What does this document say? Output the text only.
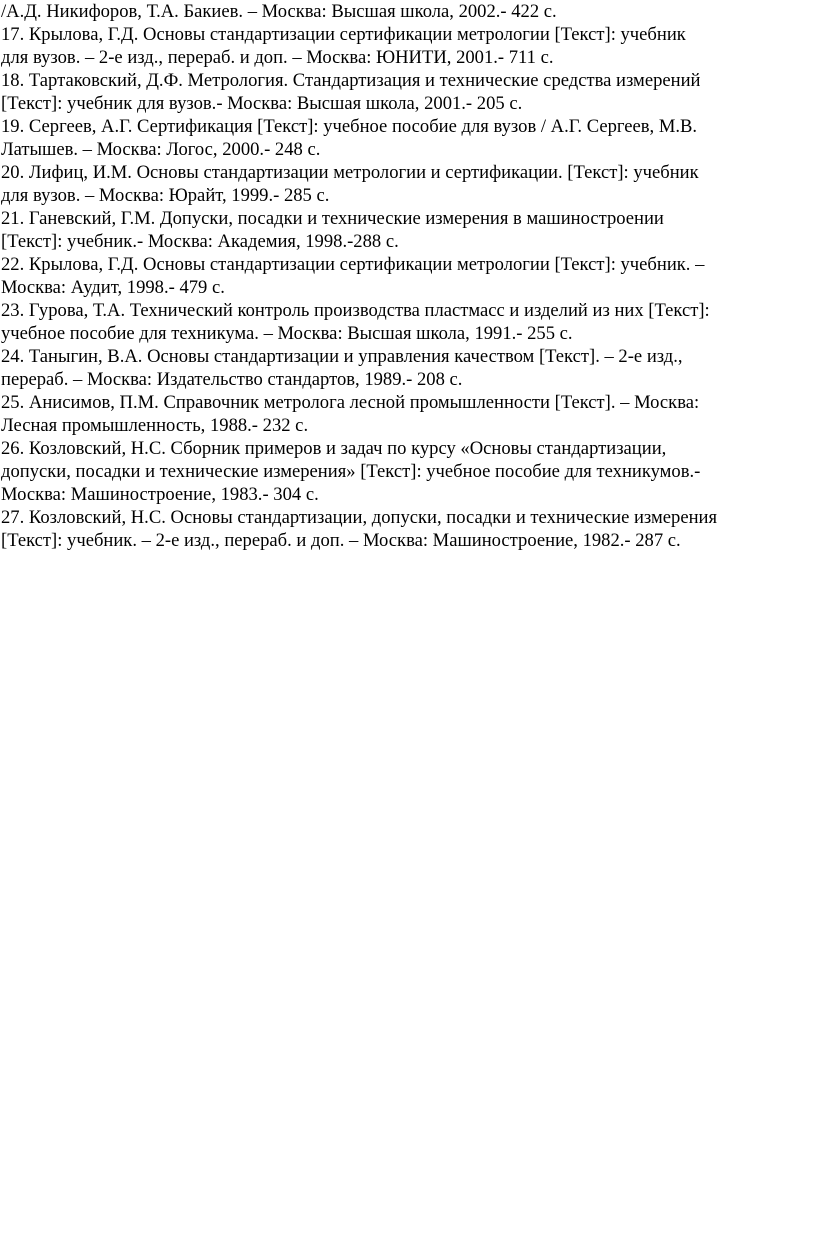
/А.Д. Никифоров, Т.А. Бакиев. – Москва: Высшая школа, 2002.- 422 с.
17. Крылова, Г.Д. Основы стандартизации сертификации метрологии [Текст]: учебник
для вузов. – 2-е изд., перераб. и доп. – Москва: ЮНИТИ, 2001.- 711 с.
18. Тартаковский, Д.Ф. Метрология. Стандартизация и технические средства измерений
[Текст]: учебник для вузов.- Москва: Высшая школа, 2001.- 205 с.
19. Сергеев, А.Г. Сертификация [Текст]: учебное пособие для вузов / А.Г. Сергеев, М.В.
Латышев. – Москва: Логос, 2000.- 248 с.
20. Лифиц, И.М. Основы стандартизации метрологии и сертификации. [Текст]: учебник
для вузов. – Москва: Юрайт, 1999.- 285 с.
21. Ганевский, Г.М. Допуски, посадки и технические измерения в машиностроении
[Текст]: учебник.- Москва: Академия, 1998.-288 с.
22. Крылова, Г.Д. Основы стандартизации сертификации метрологии [Текст]: учебник. –
Москва: Аудит, 1998.- 479 с.
23. Гурова, Т.А. Технический контроль производства пластмасс и изделий из них [Текст]:
учебное пособие для техникума. – Москва: Высшая школа, 1991.- 255 с.
24. Таныгин, В.А. Основы стандартизации и управления качеством [Текст]. – 2-е изд.,
перераб. – Москва: Издательство стандартов, 1989.- 208 с.
25. Анисимов, П.М. Справочник метролога лесной промышленности [Текст]. – Москва:
Лесная промышленность, 1988.- 232 с.
26. Козловский, Н.С. Сборник примеров и задач по курсу «Основы стандартизации,
допуски, посадки и технические измерения» [Текст]: учебное пособие для техникумов.-
Москва: Машиностроение, 1983.- 304 с.
27. Козловский, Н.С. Основы стандартизации, допуски, посадки и технические измерения
[Текст]: учебник. – 2-е изд., перераб. и доп. – Москва: Машиностроение, 1982.- 287 с.
